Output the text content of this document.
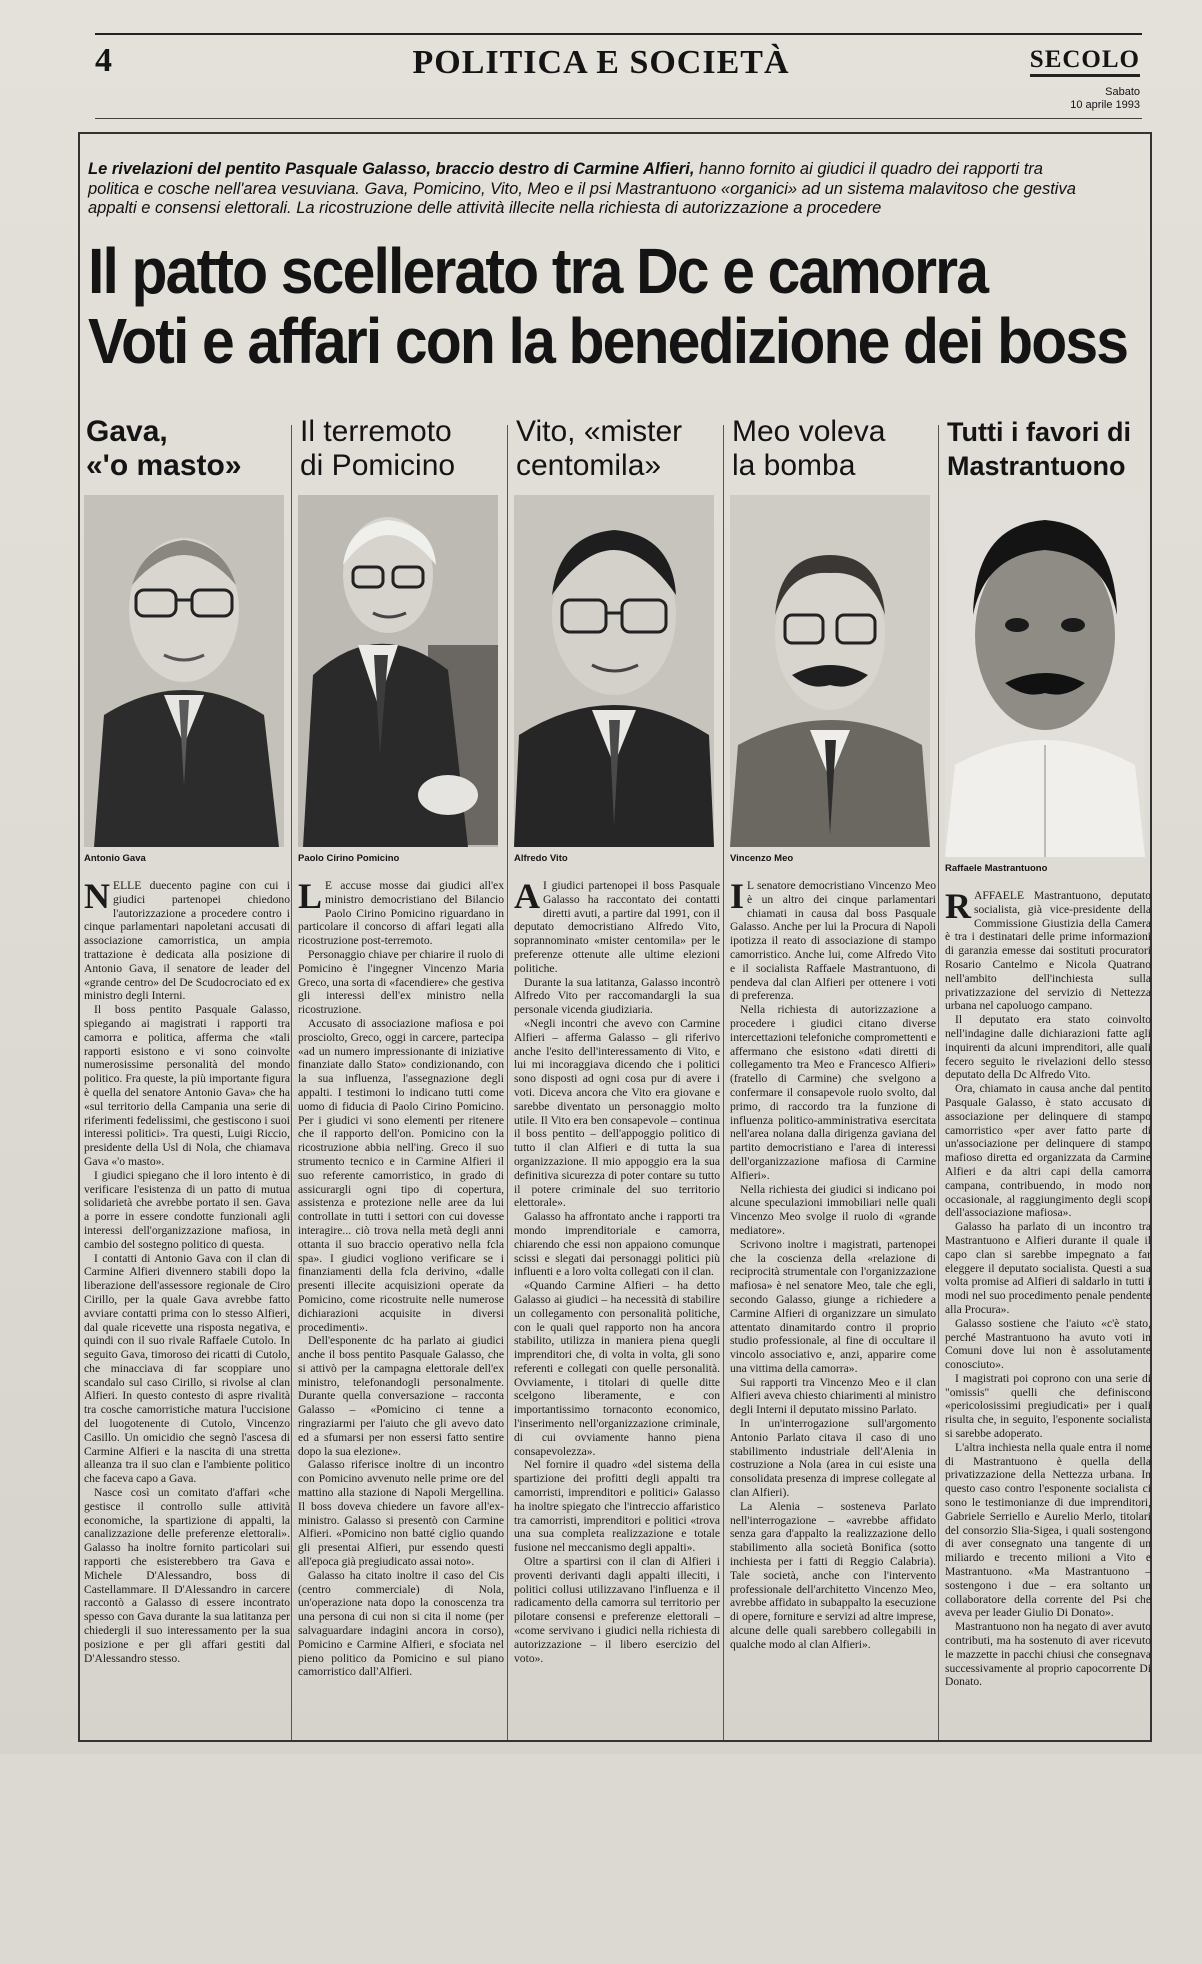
4	POLITICA E SOCIETÀ	SECOLO
Sabato
10 aprile 1993
Le rivelazioni del pentito Pasquale Galasso, braccio destro di Carmine Alfieri, hanno fornito ai giudici il quadro dei rapporti tra politica e cosche nell'area vesuviana. Gava, Pomicino, Vito, Meo e il psi Mastrantuono «organici» ad un sistema malavitoso che gestiva appalti e consensi elettorali. La ricostruzione delle attività illecite nella richiesta di autorizzazione a procedere
Il patto scellerato tra Dc e camorra
Voti e affari con la benedizione dei boss
Gava,
«'o masto»
Antonio Gava

NELLE duecento pagine con cui i giudici partenopei chiedono l'autorizzazione a procedere contro i cinque parlamentari napoletani accusati di associazione camorristica, un ampia trattazione è dedicata alla posizione di Antonio Gava, il senatore de leader del «grande centro» del De Scudocrociato ed ex ministro degli Interni.

Il boss pentito Pasquale Galasso, spiegando ai magistrati i rapporti tra camorra e politica, afferma che «tali rapporti esistono e vi sono coinvolte numerosissime personalità del mondo politico. Fra queste, la più importante figura è quella del senatore Antonio Gava» che ha «sul territorio della Campania una serie di riferimenti fedelissimi, che gestiscono i suoi interessi politici». Tra questi, Luigi Riccio, presidente della Usl di Nola, che chiamava Gava «'o masto».

I giudici spiegano che il loro intento è di verificare l'esistenza di un patto di mutua solidarietà che avrebbe portato il sen. Gava a porre in essere condotte funzionali agli interessi dell'organizzazione mafiosa, in cambio del sostegno politico di questa.

I contatti di Antonio Gava con il clan di Carmine Alfieri divennero stabili dopo la liberazione dell'assessore regionale de Ciro Cirillo, per la quale Gava avrebbe fatto avviare contatti prima con lo stesso Alfieri, dal quale ricevette una risposta negativa, e quindi con il suo rivale Raffaele Cutolo. In seguito Gava, timoroso dei ricatti di Cutolo, che minacciava di far scoppiare uno scandalo sul caso Cirillo, si rivolse al clan Alfieri. In questo contesto di aspre rivalità tra cosche camorristiche matura l'uccisione del luogotenente di Cutolo, Vincenzo Casillo. Un omicidio che segnò l'ascesa di Carmine Alfieri e la nascita di una stretta alleanza tra il suo clan e l'ambiente politico che faceva capo a Gava.

Nasce così un comitato d'affari «che gestisce il controllo sulle attività economiche, la spartizione di appalti, la canalizzazione delle preferenze elettorali». Galasso ha inoltre fornito particolari sui rapporti che esisterebbero tra Gava e Michele D'Alessandro, boss di Castellammare. Il D'Alessandro in carcere raccontò a Galasso di essere incontrato spesso con Gava durante la sua latitanza per chiedergli il suo interessamento per la sua posizione e per gli affari gestiti dal D'Alessandro stesso.

Il terremoto
di Pomicino
Paolo Cirino Pomicino

L E accuse mosse dai giudici all'ex ministro democristiano del Bilancio Paolo Cirino Pomicino riguardano in particolare il concorso di affari legati alla ricostruzione post-terremoto.

Personaggio chiave per chiarire il ruolo di Pomicino è l'ingegner Vincenzo Maria Greco, una sorta di «facendiere» che gestiva gli interessi dell'ex ministro nella ricostruzione.

Accusato di associazione mafiosa e poi prosciolto, Greco, oggi in carcere, partecipa «ad un numero impressionante di iniziative finanziate dallo Stato» condizionando, con la sua influenza, l'assegnazione degli appalti. I testimoni lo indicano tutti come uomo di fiducia di Paolo Cirino Pomicino. Per i giudici vi sono elementi per ritenere che il rapporto dell'on. Pomicino con la ricostruzione abbia nell'ing. Greco il suo strumento tecnico e in Carmine Alfieri il suo referente camorristico, in grado di assicurargli ogni tipo di copertura, assistenza e protezione nelle aree da lui controllate in tutti i settori con cui dovesse interagire... ciò trova nella metà degli anni ottanta il suo braccio operativo nella fcla spa». I giudici vogliono verificare se i finanziamenti della fcla derivino, «dalle presenti illecite acquisizioni operate da Pomicino, come ricostruite nelle numerose dichiarazioni acquisite in diversi procedimenti».

Dell'esponente dc ha parlato ai giudici anche il boss pentito Pasquale Galasso, che si attivò per la campagna elettorale dell'ex ministro, telefonandogli personalmente. Durante quella conversazione – racconta Galasso – «Pomicino ci tenne a ringraziarmi per l'aiuto che gli avevo dato ed a sfumarsi per non essersi fatto sentire dopo la sua elezione».

Galasso riferisce inoltre di un incontro con Pomicino avvenuto nelle prime ore del mattino alla stazione di Napoli Mergellina. Il boss doveva chiedere un favore all'ex-ministro. Galasso si presentò con Carmine Alfieri. «Pomicino non batté ciglio quando gli presentai Alfieri, pur essendo questi all'epoca già pregiudicato assai noto».

Galasso ha citato inoltre il caso del Cis (centro commerciale) di Nola, un'operazione nata dopo la conoscenza tra una persona di cui non si cita il nome (per salvaguardare indagini ancora in corso), Pomicino e Carmine Alfieri, e sfociata nel pieno politico da Pomicino e sul piano camorristico dall'Alfieri.

Vito, «mister
centomila»
Alfredo Vito

A I giudici partenopei il boss Pasquale Galasso ha raccontato dei contatti diretti avuti, a partire dal 1991, con il deputato democristiano Alfredo Vito, soprannominato «mister centomila» per le preferenze ottenute alle ultime elezioni politiche.

Durante la sua latitanza, Galasso incontrò Alfredo Vito per raccomandargli la sua personale vicenda giudiziaria.

«Negli incontri che avevo con Carmine Alfieri – afferma Galasso – gli riferivo anche l'esito dell'interessamento di Vito, e lui mi incoraggiava dicendo che i politici sono disposti ad ogni cosa pur di avere i voti. Diceva ancora che Vito era giovane e sarebbe diventato un personaggio molto utile. Il Vito era ben consapevole – continua il boss pentito – dell'appoggio politico di tutto il clan Alfieri e di tutta la sua organizzazione. Il mio appoggio era la sua definitiva sicurezza di poter contare su tutto il potere criminale del suo territorio elettorale».

Galasso ha affrontato anche i rapporti tra mondo imprenditoriale e camorra, chiarendo che essi non appaiono comunque scissi e slegati dai personaggi politici più influenti e a loro volta collegati con il clan.

«Quando Carmine Alfieri – ha detto Galasso ai giudici – ha necessità di stabilire un collegamento con personalità politiche, con le quali quel rapporto non ha ancora stabilito, utilizza in maniera piena quegli imprenditori che, di volta in volta, gli sono referenti e collegati con quelle personalità. Ovviamente, i titolari di quelle ditte scelgono liberamente, e con importantissimo tornaconto economico, l'inserimento nell'organizzazione criminale, di cui ovviamente hanno piena consapevolezza».

Nel fornire il quadro «del sistema della spartizione dei profitti degli appalti tra camorristi, imprenditori e politici» Galasso ha inoltre spiegato che l'intreccio affaristico tra camorristi, imprenditori e politici «trova una sua completa realizzazione e totale fusione nel meccanismo degli appalti».

Oltre a spartirsi con il clan di Alfieri i proventi derivanti dagli appalti illeciti, i politici collusi utilizzavano l'influenza e il radicamento della camorra sul territorio per pilotare consensi e preferenze elettorali – «come servivano i giudici nella richiesta di autorizzazione – il libero esercizio del voto».

Meo voleva
la bomba
Vincenzo Meo

I L senatore democristiano Vincenzo Meo è un altro dei cinque parlamentari chiamati in causa dal boss Pasquale Galasso. Anche per lui la Procura di Napoli ipotizza il reato di associazione di stampo camorristico. Anche lui, come Alfredo Vito e il socialista Raffaele Mastrantuono, di pendeva dal clan Alfieri per ottenere i voti di preferenza.

Nella richiesta di autorizzazione a procedere i giudici citano diverse intercettazioni telefoniche compromettenti e affermano che esistono «dati diretti di collegamento tra Meo e Francesco Alfieri» (fratello di Carmine) che svelgono a confermare il consapevole ruolo svolto, dal primo, di raccordo tra la funzione di influenza politico-amministrativa esercitata nell'area nolana dalla dirigenza gaviana del partito democristiano e l'area di interessi dell'organizzazione mafiosa di Carmine Alfieri».

Nella richiesta dei giudici si indicano poi alcune speculazioni immobiliari nelle quali Vincenzo Meo svolge il ruolo di «grande mediatore».

Scrivono inoltre i magistrati, partenopei che la coscienza della «relazione di reciprocità strumentale con l'organizzazione mafiosa» è nel senatore Meo, tale che egli, secondo Galasso, giunge a richiedere a Carmine Alfieri di organizzare un simulato attentato dinamitardo contro il proprio studio professionale, al fine di occultare il vincolo associativo e, anzi, apparire come una vittima della camorra».

Sui rapporti tra Vincenzo Meo e il clan Alfieri aveva chiesto chiarimenti al ministro degli Interni il deputato missino Parlato.

In un'interrogazione sull'argomento Antonio Parlato citava il caso di uno stabilimento industriale dell'Alenia in costruzione a Nola (area in cui esiste una consolidata presenza di imprese collegate al clan Alfieri).

La Alenia – sosteneva Parlato nell'interrogazione – «avrebbe affidato senza gara d'appalto la realizzazione dello stabilimento alla società Bonifica (sotto inchiesta per i fatti di Reggio Calabria). Tale società, anche con l'intervento professionale dell'architetto Vincenzo Meo, avrebbe affidato in subappalto la esecuzione di opere, forniture e servizi ad altre imprese, alcune delle quali sarebbero collegabili in qualche modo al clan Alfieri».

Tutti i favori di
Mastrantuono
Raffaele Mastrantuono

RAFFAELE Mastrantuono, deputato socialista, già vice-presidente della Commissione Giustizia della Camera è tra i destinatari delle prime informazioni di garanzia emesse dai sostituti procuratori Rosario Cantelmo e Nicola Quatrano nell'ambito dell'inchiesta sulla privatizzazione del servizio di Nettezza urbana nel capoluogo campano.

Il deputato era stato coinvolto nell'indagine dalle dichiarazioni fatte agli inquirenti da alcuni imprenditori, alle quali fecero seguito le rivelazioni dello stesso deputato della Dc Alfredo Vito.

Ora, chiamato in causa anche dal pentito Pasquale Galasso, è stato accusato di associazione per delinquere di stampo camorristico «per aver fatto parte di un'associazione per delinquere di stampo mafioso diretta ed organizzata da Carmine Alfieri e da altri capi della camorra campana, contribuendo, in modo non occasionale, al raggiungimento degli scopi dell'associazione mafiosa».

Galasso ha parlato di un incontro tra Mastrantuono e Alfieri durante il quale il capo clan si sarebbe impegnato a far eleggere il deputato socialista. Questi a sua volta promise ad Alfieri di saldarlo in tutti i modi nel suo procedimento penale pendente alla Procura».

Galasso sostiene che l'aiuto «c'è stato, perché Mastrantuono ha avuto voti in Comuni dove lui non è assolutamente conosciuto».

I magistrati poi coprono con una serie di "omissis" quelli che definiscono «pericolosissimi pregiudicati» per i quali risulta che, in seguito, l'esponente socialista si sarebbe adoperato.

L'altra inchiesta nella quale entra il nome di Mastrantuono è quella della privatizzazione della Nettezza urbana. In questo caso contro l'esponente socialista ci sono le testimonianze di due imprenditori, Gabriele Serriello e Aurelio Merlo, titolari del consorzio Slia-Sigea, i quali sostengono di aver consegnato una tangente di un miliardo e trecento milioni a Vito e Mastrantuono. «Ma Mastrantuono – sostengono i due – era soltanto un collaboratore della corrente del Psi che aveva per leader Giulio Di Donato».

Mastrantuono non ha negato di aver avuto contributi, ma ha sostenuto di aver ricevuto le mazzette in pacchi chiusi che consegnava successivamente al proprio capocorrente Di Donato.
